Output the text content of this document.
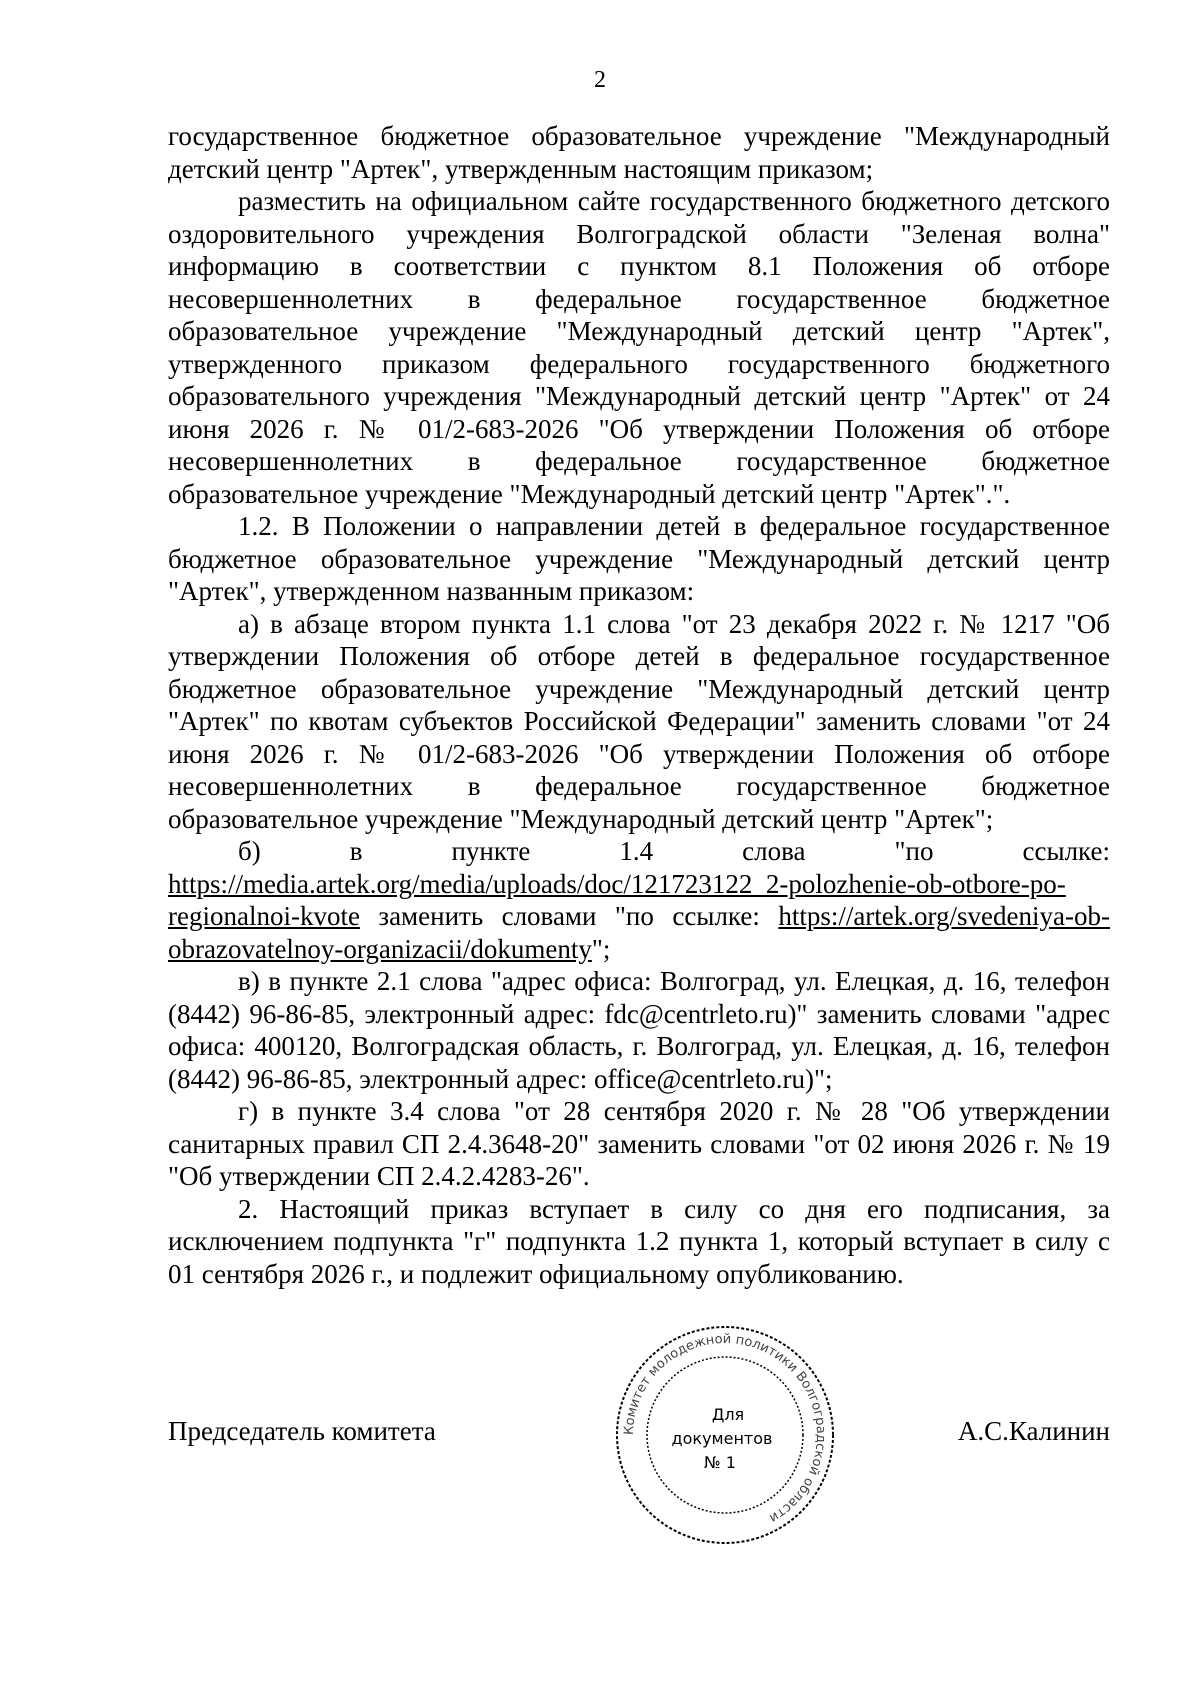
2

государственное бюджетное образовательное учреждение "Международный детский центр "Артек", утвержденным настоящим приказом;

разместить на официальном сайте государственного бюджетного детского оздоровительного учреждения Волгоградской области "Зеленая волна" информацию в соответствии с пунктом 8.1 Положения об отборе несовершеннолетних в федеральное государственное бюджетное образовательное учреждение "Международный детский центр "Артек", утвержденного приказом федерального государственного бюджетного образовательного учреждения "Международный детский центр "Артек" от 24 июня 2026 г. № 01/2-683-2026 "Об утверждении Положения об отборе несовершеннолетних в федеральное государственное бюджетное образовательное учреждение "Международный детский центр "Артек".".

1.2. В Положении о направлении детей в федеральное государственное бюджетное образовательное учреждение "Международный детский центр "Артек", утвержденном названным приказом:

а) в абзаце втором пункта 1.1 слова "от 23 декабря 2022 г. № 1217 "Об утверждении Положения об отборе детей в федеральное государственное бюджетное образовательное учреждение "Международный детский центр "Артек" по квотам субъектов Российской Федерации" заменить словами "от 24 июня 2026 г. № 01/2-683-2026 "Об утверждении Положения об отборе несовершеннолетних в федеральное государственное бюджетное образовательное учреждение "Международный детский центр "Артек";

б) в пункте 1.4 слова "по ссылке:

https://media.artek.org/media/uploads/doc/121723122_2-polozhenie-ob-otbore-po-regionalnoi-kvote заменить словами "по ссылке: https://artek.org/svedeniya-ob-obrazovatelnoy-organizacii/dokumenty";

в) в пункте 2.1 слова "адрес офиса: Волгоград, ул. Елецкая, д. 16, телефон (8442) 96-86-85, электронный адрес: fdc@centrleto.ru)" заменить словами "адрес офиса: 400120, Волгоградская область, г. Волгоград, ул. Елецкая, д. 16, телефон (8442) 96-86-85, электронный адрес: office@centrleto.ru)";

г) в пункте 3.4 слова "от 28 сентября 2020 г. № 28 "Об утверждении санитарных правил СП 2.4.3648-20" заменить словами "от 02 июня 2026 г. № 19 "Об утверждении СП 2.4.2.4283-26".

2. Настоящий приказ вступает в силу со дня его подписания, за исключением подпункта "г" подпункта 1.2 пункта 1, который вступает в силу с 01 сентября 2026 г., и подлежит официальному опубликованию.

Председатель комитета	А.С.Калинин
Комитет молодежной политики Волгоградской области
Для
документов
№ 1
